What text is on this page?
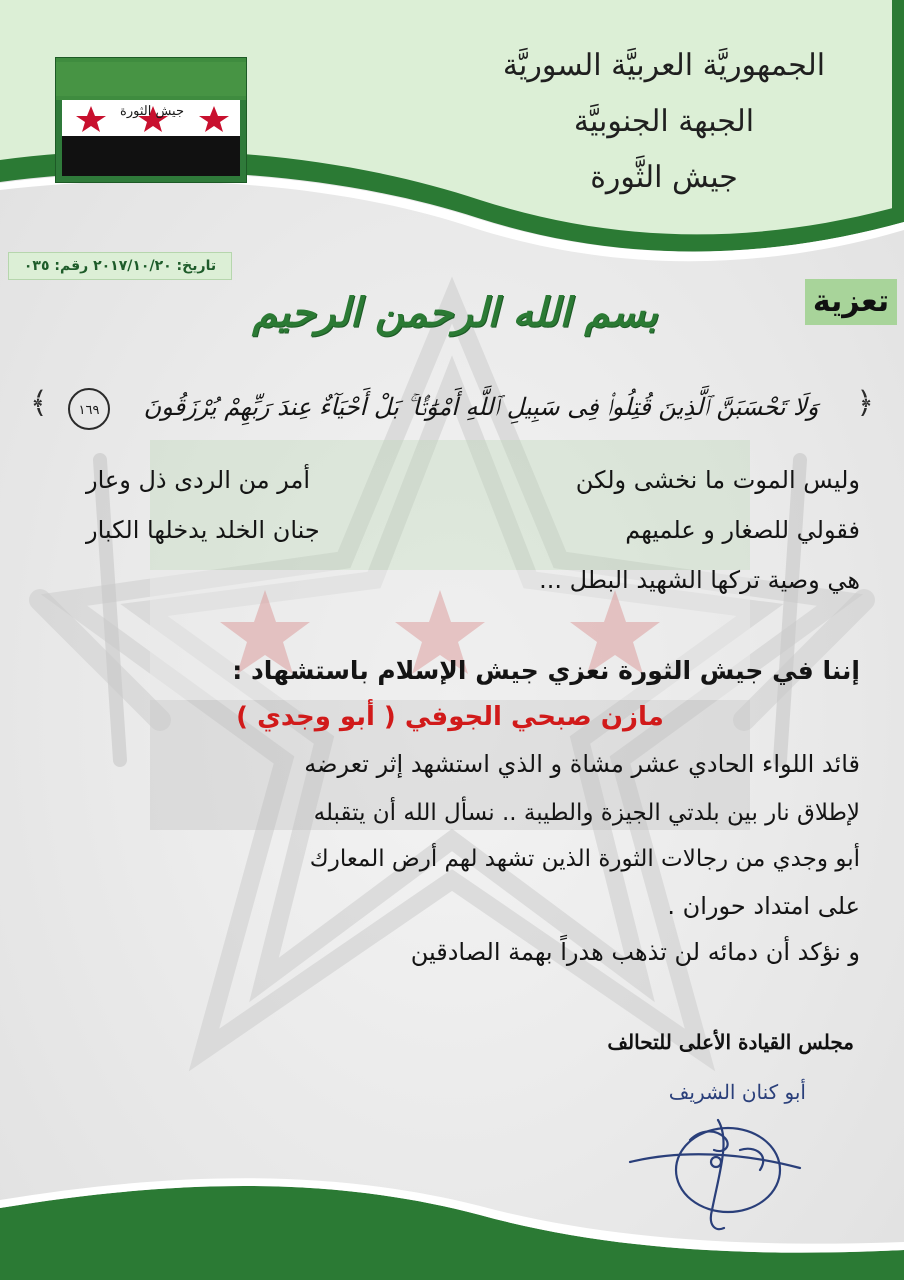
جيش الثورة
الجمهوريَّة العربيَّة السوريَّة
الجبهة الجنوبيَّة
جيش الثَّورة
تاريخ: ٢٠١٧/١٠/٢٠ رقم: ٠٣٥
تعزية
بسم الله الرحمن الرحيم
﴿
﴾	١٦٩	وَلَا تَحْسَبَنَّ ٱلَّذِينَ قُتِلُوا۟ فِى سَبِيلِ ٱللَّهِ أَمْوَٰتًۢا ۚ بَلْ أَحْيَآءٌ عِندَ رَبِّهِمْ يُرْزَقُونَ
وليس الموت ما نخشى ولكن
أمر من الردى ذل وعار
فقولي للصغار و علميهم
جنان الخلد يدخلها الكبار
هي وصية تركها الشهيد البطل ...
إننا في جيش الثورة نعزي جيش الإسلام باستشهاد :
مازن صبحي الجوفي ( أبو وجدي )
قائد اللواء الحادي عشر مشاة و الذي استشهد إثر تعرضه
لإطلاق نار بين بلدتي الجيزة والطيبة .. نسأل الله أن يتقبله
أبو وجدي من رجالات الثورة الذين تشهد لهم أرض المعارك
على امتداد حوران .
و نؤكد أن دمائه لن تذهب هدراً بهمة الصادقين
مجلس القيادة الأعلى للتحالف
أبو كنان الشريف
